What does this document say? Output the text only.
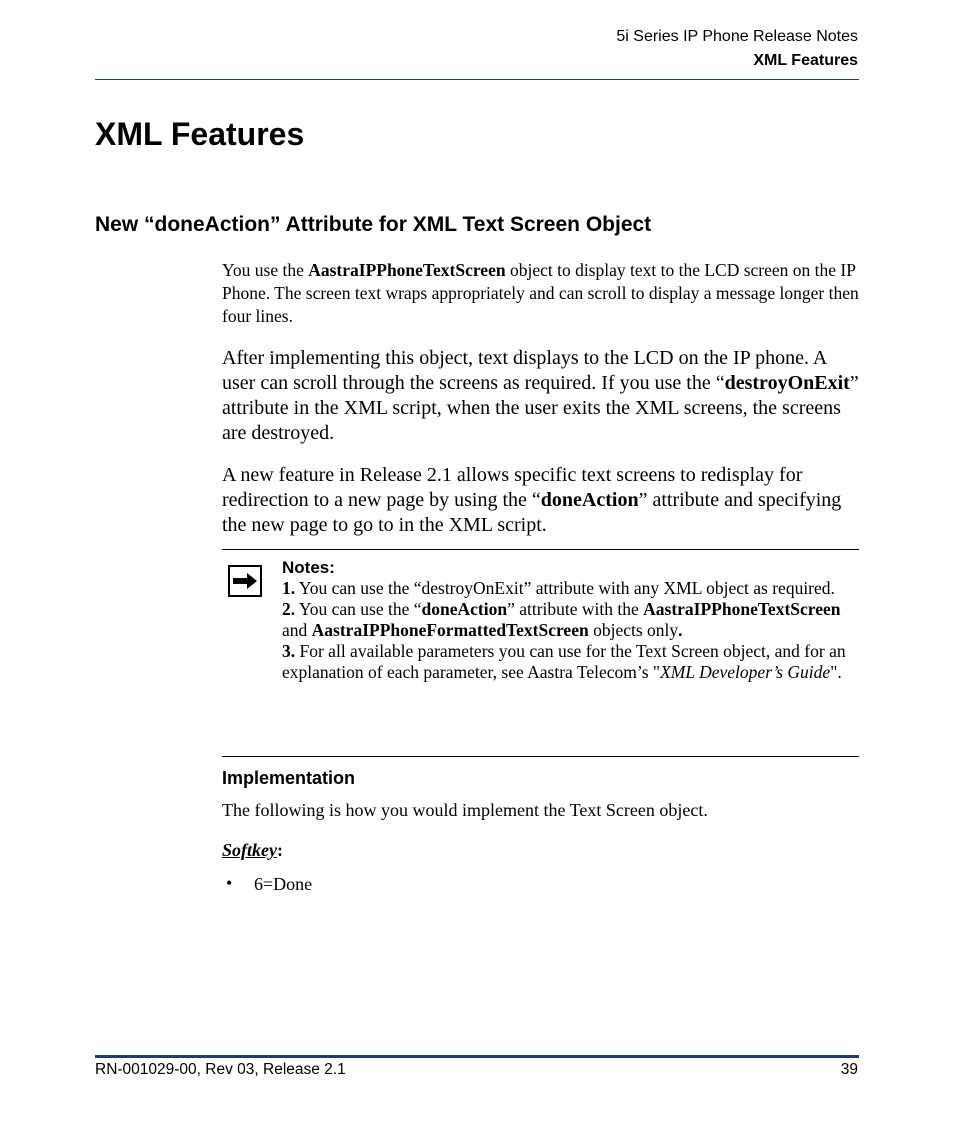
5i Series IP Phone Release Notes
XML Features
XML Features
New “doneAction” Attribute for XML Text Screen Object

You use the AastraIPPhoneTextScreen object to display text to the LCD screen on the IP Phone. The screen text wraps appropriately and can scroll to display a message longer then four lines.

After implementing this object, text displays to the LCD on the IP phone. A user can scroll through the screens as required. If you use the “destroyOnExit” attribute in the XML script, when the user exits the XML screens, the screens are destroyed.

A new feature in Release 2.1 allows specific text screens to redisplay for redirection to a new page by using the “doneAction” attribute and specifying the new page to go to in the XML script.

Notes:
1. You can use the “destroyOnExit” attribute with any XML object as required.
2. You can use the “doneAction” attribute with the AastraIPPhoneTextScreen and AastraIPPhoneFormattedTextScreen objects only.
3. For all available parameters you can use for the Text Screen object, and for an explanation of each parameter, see Aastra Telecom’s "XML Developer’s Guide".
Implementation

The following is how you would implement the Text Screen object.

Softkey:
• 6=Done
RN-001029-00, Rev 03, Release 2.1	39
